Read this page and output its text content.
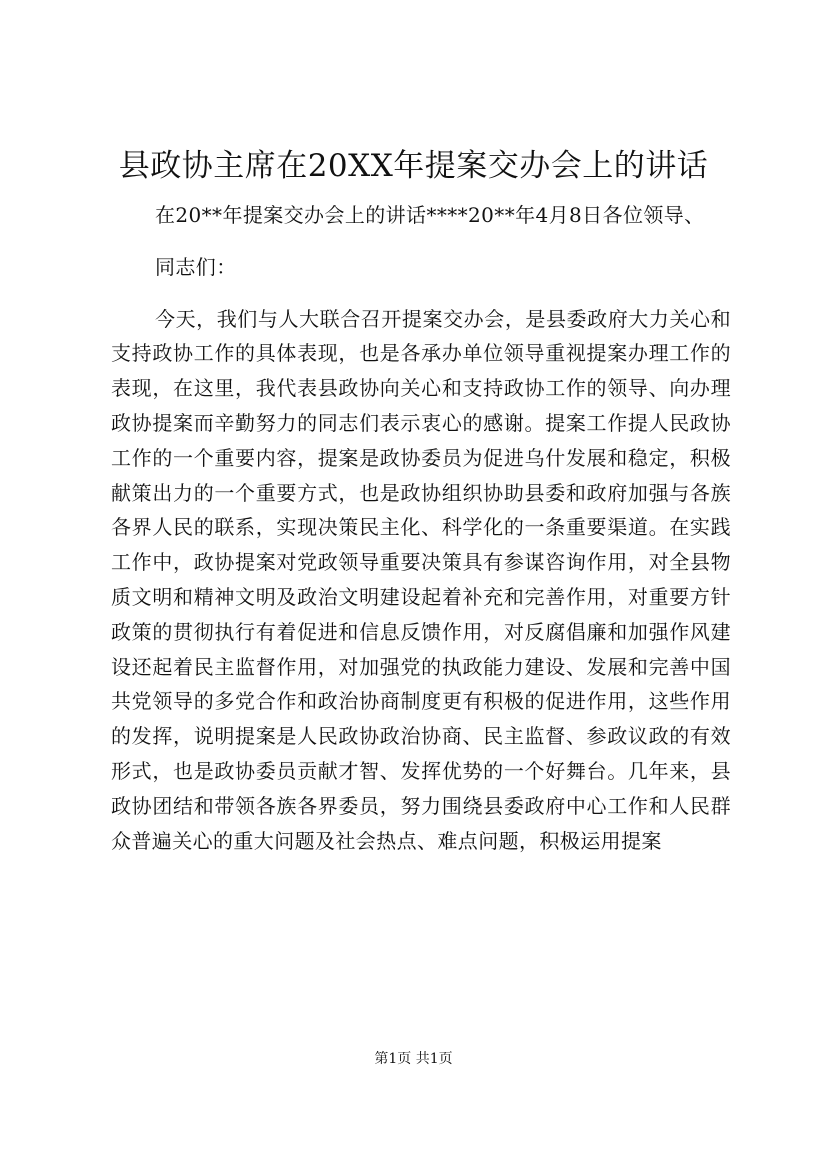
县政协主席在20XX年提案交办会上的讲话

在20**年提案交办会上的讲话****20**年4月8日各位领导、

同志们：

今天，我们与人大联合召开提案交办会，是县委政府大力关心和支持政协工作的具体表现，也是各承办单位领导重视提案办理工作的表现，在这里，我代表县政协向关心和支持政协工作的领导、向办理政协提案而辛勤努力的同志们表示衷心的感谢。提案工作提人民政协工作的一个重要内容，提案是政协委员为促进乌什发展和稳定，积极献策出力的一个重要方式，也是政协组织协助县委和政府加强与各族各界人民的联系，实现决策民主化、科学化的一条重要渠道。在实践工作中，政协提案对党政领导重要决策具有参谋咨询作用，对全县物质文明和精神文明及政治文明建设起着补充和完善作用，对重要方针政策的贯彻执行有着促进和信息反馈作用，对反腐倡廉和加强作风建设还起着民主监督作用，对加强党的执政能力建设、发展和完善中国共党领导的多党合作和政治协商制度更有积极的促进作用，这些作用的发挥，说明提案是人民政协政治协商、民主监督、参政议政的有效形式，也是政协委员贡献才智、发挥优势的一个好舞台。几年来，县政协团结和带领各族各界委员，努力围绕县委政府中心工作和人民群众普遍关心的重大问题及社会热点、难点问题，积极运用提案

第1页 共1页
